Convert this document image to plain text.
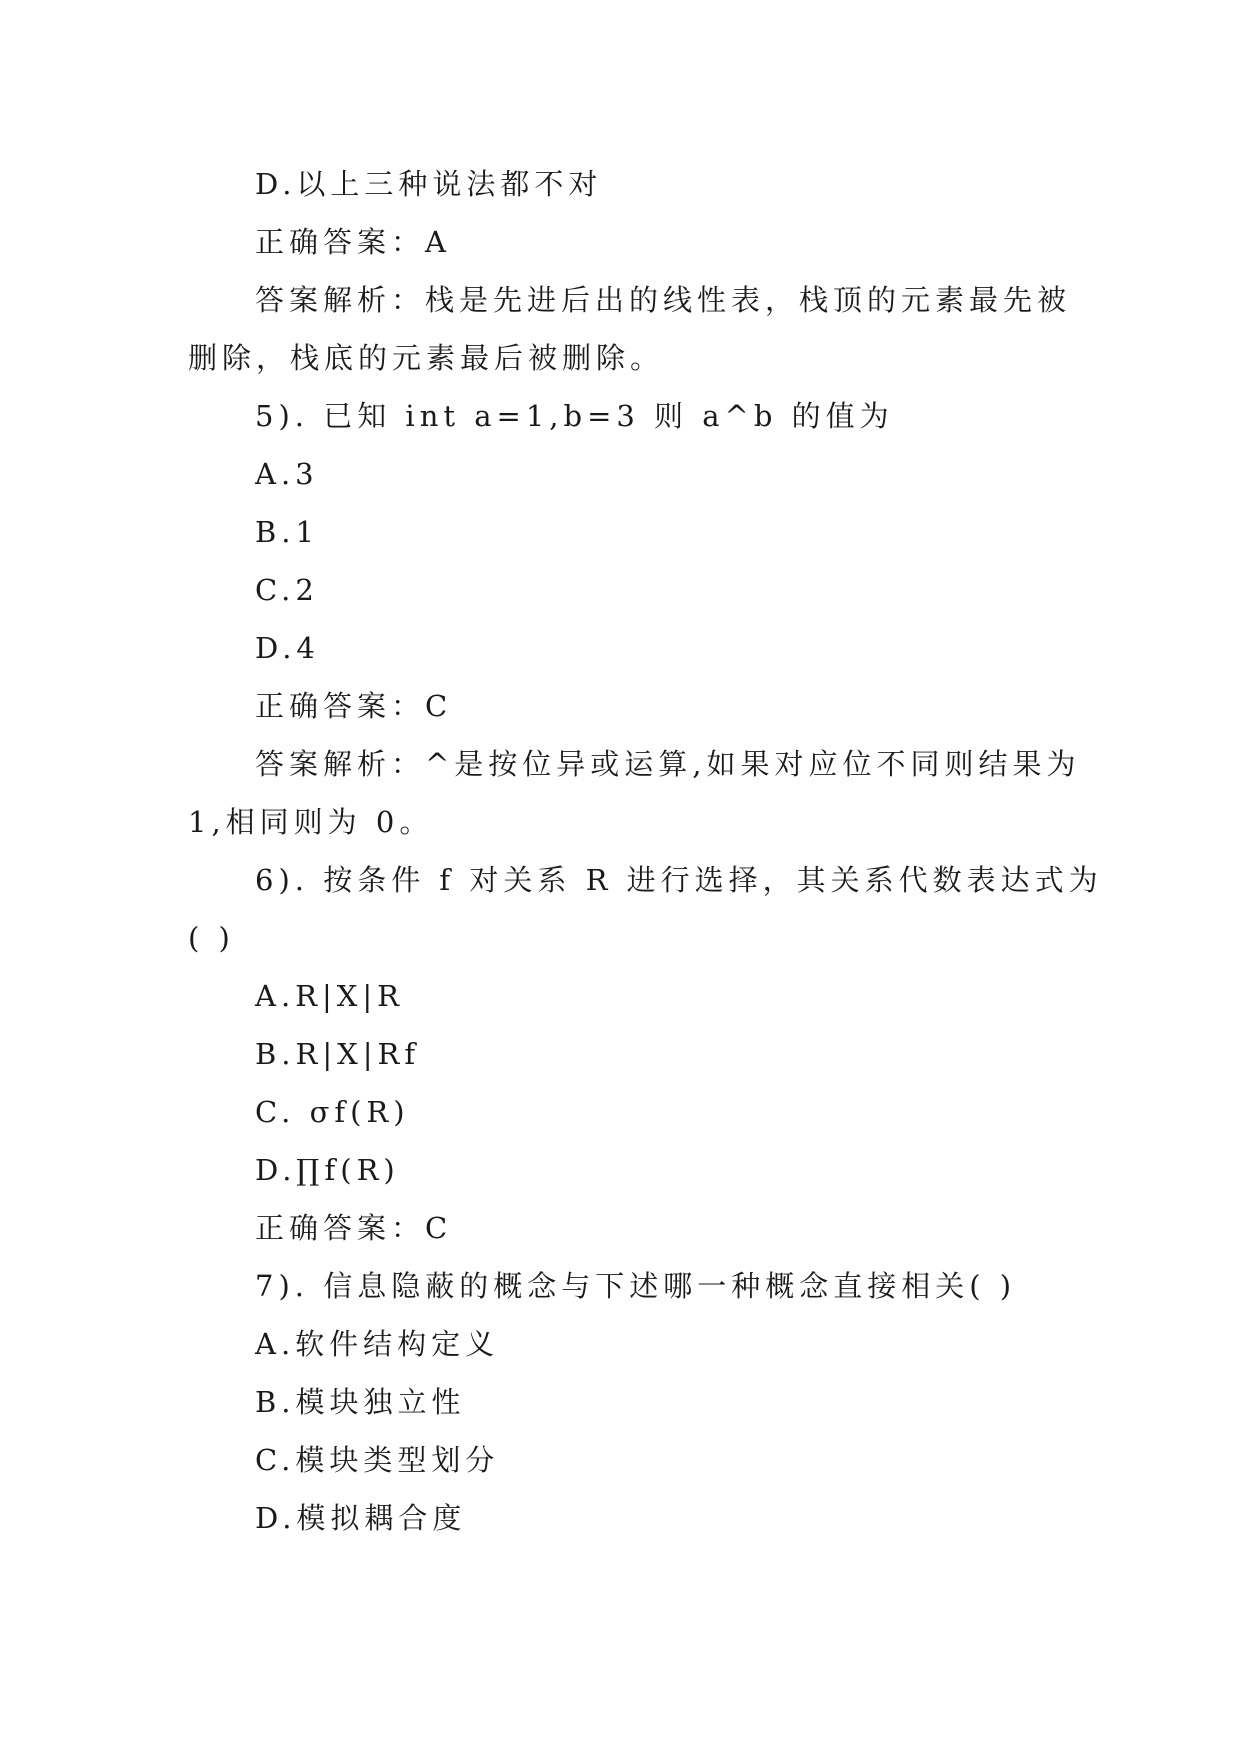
D.以上三种说法都不对
正确答案：A
答案解析：栈是先进后出的线性表，栈顶的元素最先被
删除，栈底的元素最后被删除。
5). 已知 int a=1,b=3 则 a^b 的值为
A.3
B.1
C.2
D.4
正确答案：C
答案解析：^是按位异或运算,如果对应位不同则结果为
1,相同则为 0。
6). 按条件 f 对关系 R 进行选择，其关系代数表达式为
( )
A.R|X|R
B.R|X|Rf
C. σf(R)
D.∏f(R)
正确答案：C
7). 信息隐蔽的概念与下述哪一种概念直接相关( )
A.软件结构定义
B.模块独立性
C.模块类型划分
D.模拟耦合度
